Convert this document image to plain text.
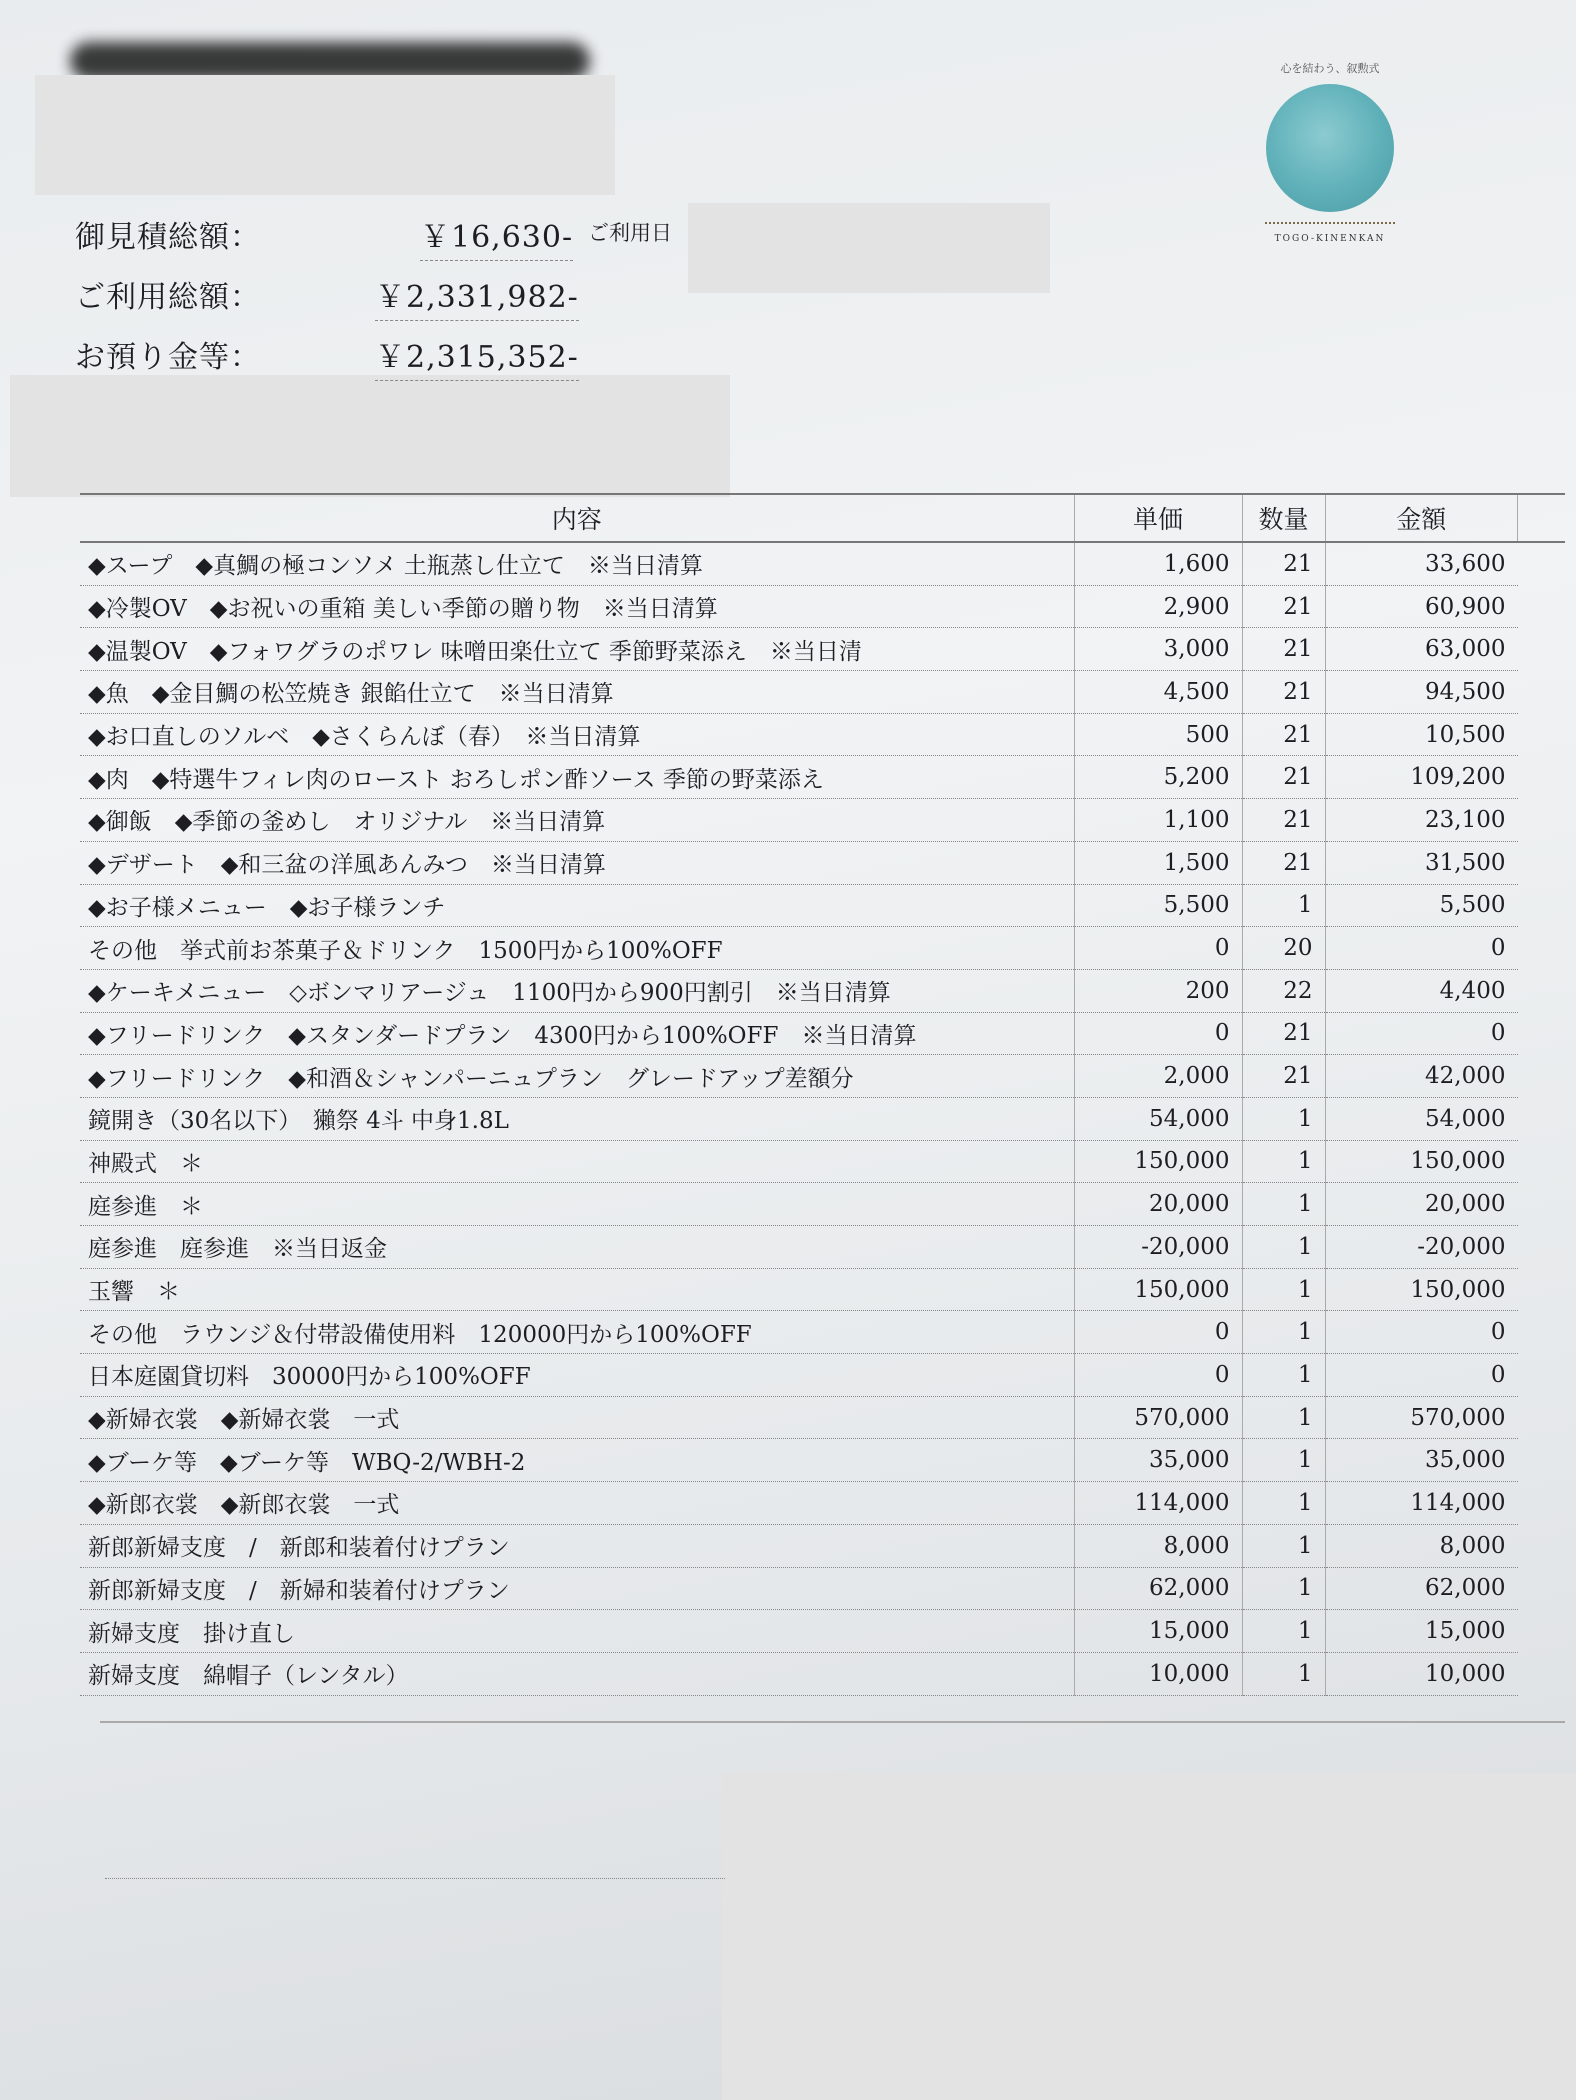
御見積総額：	￥16,630-
ご利用総額：	￥2,331,982-
お預り金等：	￥2,315,352-
ご利用日
心を結わう、叙勲式
TOGO-KINENKAN
内容	単価	数量	金額	
◆スープ　◆真鯛の極コンソメ 土瓶蒸し仕立て　※当日清算	1,600	21	33,600	
◆冷製OV　◆お祝いの重箱 美しい季節の贈り物　※当日清算	2,900	21	60,900	
◆温製OV　◆フォワグラのポワレ 味噌田楽仕立て 季節野菜添え　※当日清	3,000	21	63,000	
◆魚　◆金目鯛の松笠焼き 銀餡仕立て　※当日清算	4,500	21	94,500	
◆お口直しのソルベ　◆さくらんぼ（春）　※当日清算	500	21	10,500	
◆肉　◆特選牛フィレ肉のロースト おろしポン酢ソース 季節の野菜添え	5,200	21	109,200	
◆御飯　◆季節の釜めし　オリジナル　※当日清算	1,100	21	23,100	
◆デザート　◆和三盆の洋風あんみつ　※当日清算	1,500	21	31,500	
◆お子様メニュー　◆お子様ランチ	5,500	1	5,500	
その他　挙式前お茶菓子＆ドリンク　1500円から100%OFF	0	20	0	
◆ケーキメニュー　◇ボンマリアージュ　1100円から900円割引　※当日清算	200	22	4,400	
◆フリードリンク　◆スタンダードプラン　4300円から100%OFF　※当日清算	0	21	0	
◆フリードリンク　◆和酒＆シャンパーニュプラン　グレードアップ差額分	2,000	21	42,000	
鏡開き（30名以下）　獺祭 4斗 中身1.8L	54,000	1	54,000	
神殿式　＊	150,000	1	150,000	
庭参進　＊	20,000	1	20,000	
庭参進　庭参進　※当日返金	-20,000	1	-20,000	
玉響　＊	150,000	1	150,000	
その他　ラウンジ＆付帯設備使用料　120000円から100%OFF	0	1	0	
日本庭園貸切料　30000円から100%OFF	0	1	0	
◆新婦衣裳　◆新婦衣裳　一式	570,000	1	570,000	
◆ブーケ等　◆ブーケ等　WBQ-2/WBH-2	35,000	1	35,000	
◆新郎衣裳　◆新郎衣裳　一式	114,000	1	114,000	
新郎新婦支度　/　新郎和装着付けプラン	8,000	1	8,000	
新郎新婦支度　/　新婦和装着付けプラン	62,000	1	62,000	
新婦支度　掛け直し	15,000	1	15,000	
新婦支度　綿帽子（レンタル）	10,000	1	10,000	
